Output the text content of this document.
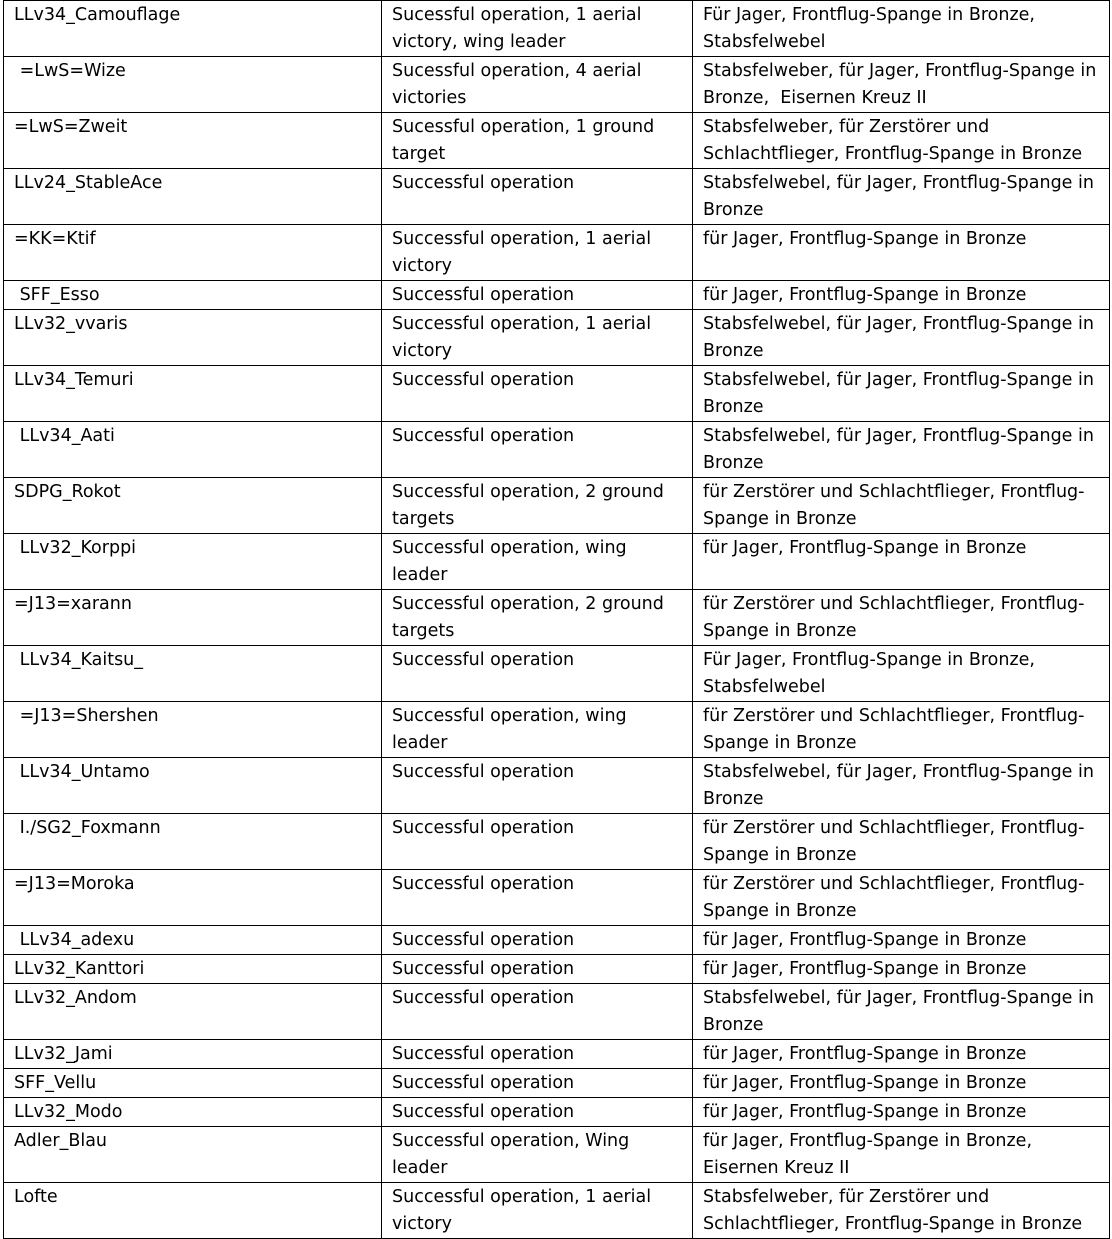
LLv34_Camouflage	Sucessful operation, 1 aerial victory, wing leader	Für Jager, Frontflug-Spange in Bronze, Stabsfelwebel
=LwS=Wize	Sucessful operation, 4 aerial victories	Stabsfelweber, für Jager, Frontflug-Spange in Bronze,  Eisernen Kreuz II
=LwS=Zweit	Sucessful operation, 1 ground target	Stabsfelweber, für Zerstörer und Schlachtflieger, Frontflug-Spange in Bronze
LLv24_StableAce	Successful operation	Stabsfelwebel, für Jager, Frontflug-Spange in Bronze
=KK=Ktif	Successful operation, 1 aerial victory	für Jager, Frontflug-Spange in Bronze
SFF_Esso	Successful operation	für Jager, Frontflug-Spange in Bronze
LLv32_vvaris	Successful operation, 1 aerial victory	Stabsfelwebel, für Jager, Frontflug-Spange in Bronze
LLv34_Temuri	Successful operation	Stabsfelwebel, für Jager, Frontflug-Spange in Bronze
LLv34_Aati	Successful operation	Stabsfelwebel, für Jager, Frontflug-Spange in Bronze
SDPG_Rokot	Successful operation, 2 ground targets	für Zerstörer und Schlachtflieger, Frontflug-Spange in Bronze
LLv32_Korppi	Successful operation, wing leader	für Jager, Frontflug-Spange in Bronze
=J13=xarann	Successful operation, 2 ground targets	für Zerstörer und Schlachtflieger, Frontflug-Spange in Bronze
LLv34_Kaitsu_	Successful operation	Für Jager, Frontflug-Spange in Bronze, Stabsfelwebel
=J13=Shershen	Successful operation, wing leader	für Zerstörer und Schlachtflieger, Frontflug-Spange in Bronze
LLv34_Untamo	Successful operation	Stabsfelwebel, für Jager, Frontflug-Spange in Bronze
I./SG2_Foxmann	Successful operation	für Zerstörer und Schlachtflieger, Frontflug-Spange in Bronze
=J13=Moroka	Successful operation	für Zerstörer und Schlachtflieger, Frontflug-Spange in Bronze
LLv34_adexu	Successful operation	für Jager, Frontflug-Spange in Bronze
LLv32_Kanttori	Successful operation	für Jager, Frontflug-Spange in Bronze
LLv32_Andom	Successful operation	Stabsfelwebel, für Jager, Frontflug-Spange in Bronze
LLv32_Jami	Successful operation	für Jager, Frontflug-Spange in Bronze
SFF_Vellu	Successful operation	für Jager, Frontflug-Spange in Bronze
LLv32_Modo	Successful operation	für Jager, Frontflug-Spange in Bronze
Adler_Blau	Successful operation, Wing leader	für Jager, Frontflug-Spange in Bronze, Eisernen Kreuz II
Lofte	Successful operation, 1 aerial victory	Stabsfelweber, für Zerstörer und Schlachtflieger, Frontflug-Spange in Bronze
